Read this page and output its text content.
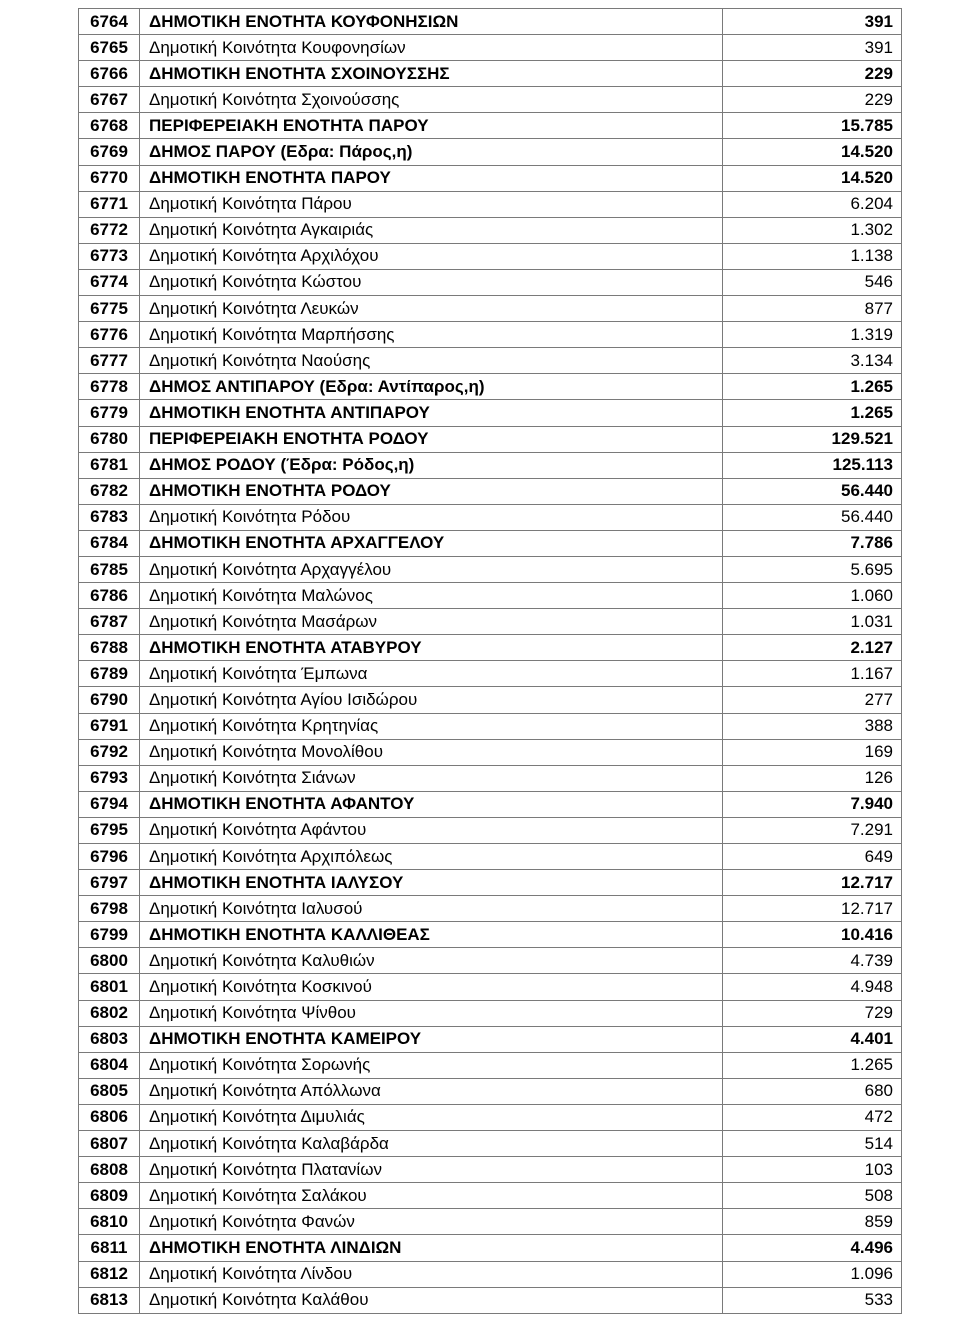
6764	ΔΗΜΟΤΙΚΗ ΕΝΟΤΗΤΑ ΚΟΥΦΟΝΗΣΙΩΝ	391
6765	Δημοτική Κοινότητα Κουφονησίων	391
6766	ΔΗΜΟΤΙΚΗ ΕΝΟΤΗΤΑ ΣΧΟΙΝΟΥΣΣΗΣ	229
6767	Δημοτική Κοινότητα Σχοινούσσης	229
6768	ΠΕΡΙΦΕΡΕΙΑΚΗ ΕΝΟΤΗΤΑ ΠΑΡΟΥ	15.785
6769	ΔΗΜΟΣ ΠΑΡΟΥ (Εδρα: Πάρος,η)	14.520
6770	ΔΗΜΟΤΙΚΗ ΕΝΟΤΗΤΑ ΠΑΡΟΥ	14.520
6771	Δημοτική Κοινότητα Πάρου	6.204
6772	Δημοτική Κοινότητα Αγκαιριάς	1.302
6773	Δημοτική Κοινότητα Αρχιλόχου	1.138
6774	Δημοτική Κοινότητα Κώστου	546
6775	Δημοτική Κοινότητα Λευκών	877
6776	Δημοτική Κοινότητα Μαρπήσσης	1.319
6777	Δημοτική Κοινότητα Ναούσης	3.134
6778	ΔΗΜΟΣ ΑΝΤΙΠΑΡΟΥ (Εδρα: Αντίπαρος,η)	1.265
6779	ΔΗΜΟΤΙΚΗ ΕΝΟΤΗΤΑ ΑΝΤΙΠΑΡΟΥ	1.265
6780	ΠΕΡΙΦΕΡΕΙΑΚΗ ΕΝΟΤΗΤΑ ΡΟΔΟΥ	129.521
6781	ΔΗΜΟΣ ΡΟΔΟΥ (Έδρα: Ρόδος,η)	125.113
6782	ΔΗΜΟΤΙΚΗ ΕΝΟΤΗΤΑ ΡΟΔΟΥ	56.440
6783	Δημοτική Κοινότητα Ρόδου	56.440
6784	ΔΗΜΟΤΙΚΗ ΕΝΟΤΗΤΑ ΑΡΧΑΓΓΕΛΟΥ	7.786
6785	Δημοτική Κοινότητα Αρχαγγέλου	5.695
6786	Δημοτική Κοινότητα Μαλώνος	1.060
6787	Δημοτική Κοινότητα Μασάρων	1.031
6788	ΔΗΜΟΤΙΚΗ ΕΝΟΤΗΤΑ ΑΤΑΒΥΡΟΥ	2.127
6789	Δημοτική Κοινότητα Έμπωνα	1.167
6790	Δημοτική Κοινότητα Αγίου Ισιδώρου	277
6791	Δημοτική Κοινότητα Κρητηνίας	388
6792	Δημοτική Κοινότητα Μονολίθου	169
6793	Δημοτική Κοινότητα Σιάνων	126
6794	ΔΗΜΟΤΙΚΗ ΕΝΟΤΗΤΑ ΑΦΑΝΤΟΥ	7.940
6795	Δημοτική Κοινότητα Αφάντου	7.291
6796	Δημοτική Κοινότητα Αρχιπόλεως	649
6797	ΔΗΜΟΤΙΚΗ ΕΝΟΤΗΤΑ ΙΑΛΥΣΟΥ	12.717
6798	Δημοτική Κοινότητα Ιαλυσού	12.717
6799	ΔΗΜΟΤΙΚΗ ΕΝΟΤΗΤΑ ΚΑΛΛΙΘΕΑΣ	10.416
6800	Δημοτική Κοινότητα Καλυθιών	4.739
6801	Δημοτική Κοινότητα Κοσκινού	4.948
6802	Δημοτική Κοινότητα Ψίνθου	729
6803	ΔΗΜΟΤΙΚΗ ΕΝΟΤΗΤΑ ΚΑΜΕΙΡΟΥ	4.401
6804	Δημοτική Κοινότητα Σορωνής	1.265
6805	Δημοτική Κοινότητα Απόλλωνα	680
6806	Δημοτική Κοινότητα Διμυλιάς	472
6807	Δημοτική Κοινότητα Καλαβάρδα	514
6808	Δημοτική Κοινότητα Πλατανίων	103
6809	Δημοτική Κοινότητα Σαλάκου	508
6810	Δημοτική Κοινότητα Φανών	859
6811	ΔΗΜΟΤΙΚΗ ΕΝΟΤΗΤΑ ΛΙΝΔΙΩΝ	4.496
6812	Δημοτική Κοινότητα Λίνδου	1.096
6813	Δημοτική Κοινότητα Καλάθου	533
